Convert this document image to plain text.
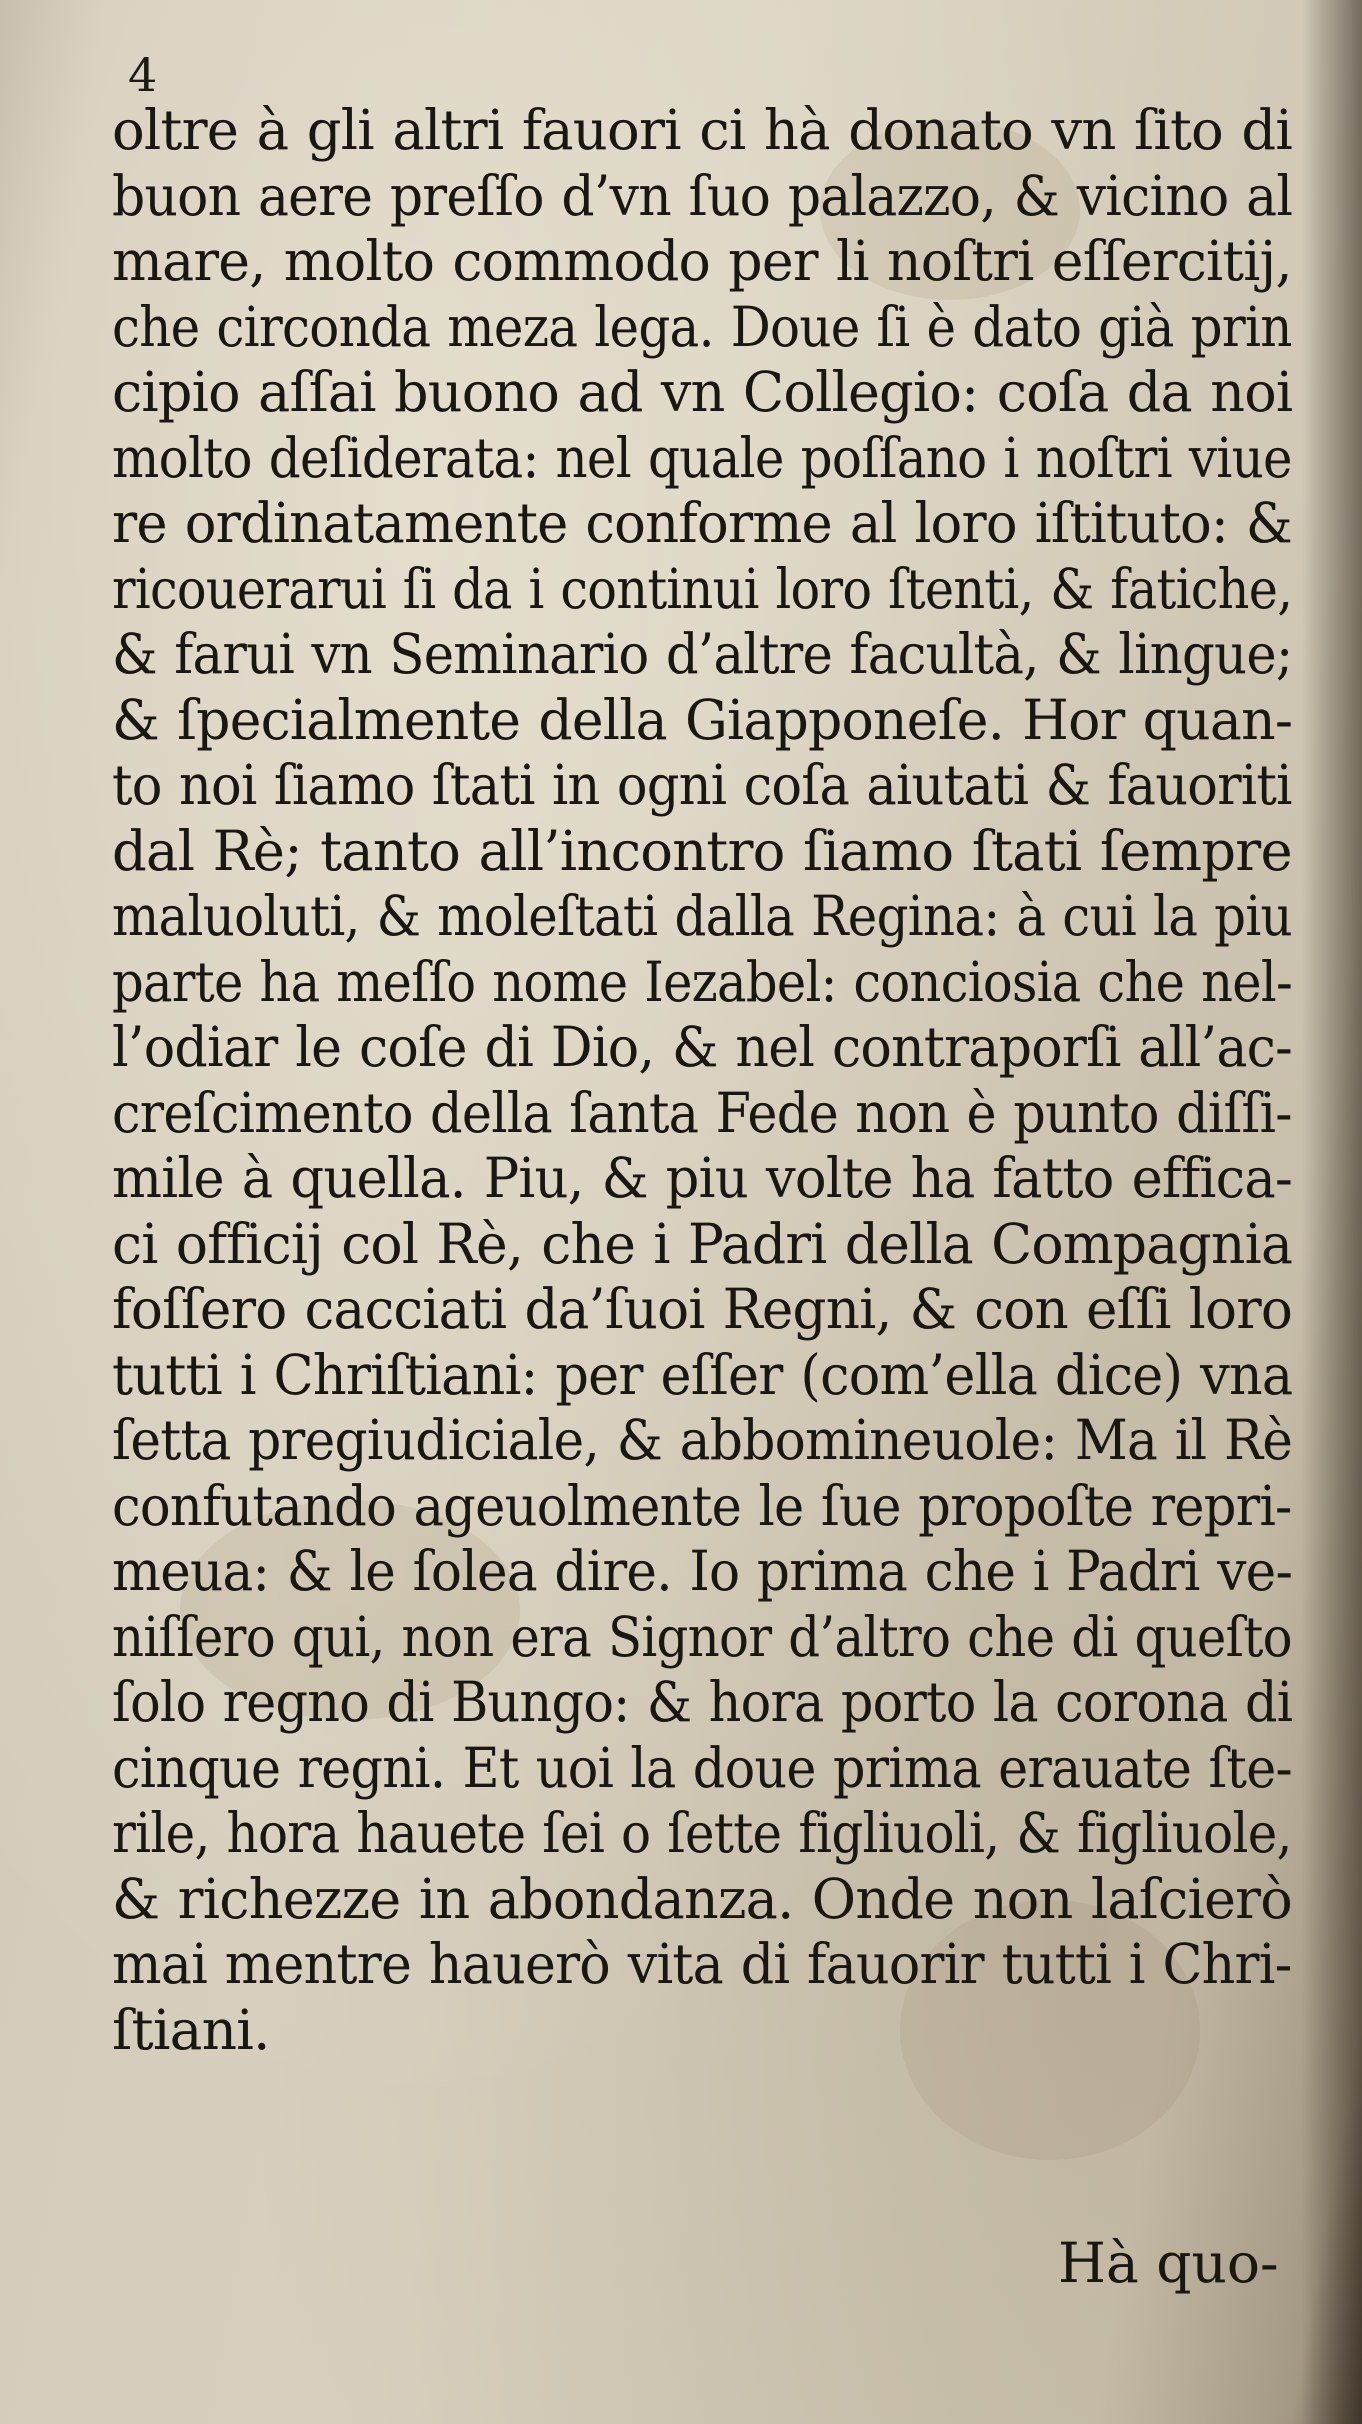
4
oltre à gli altri fauori ci hà donato vn ſito di
buon aere preſſo d’vn ſuo palazzo, & vicino al
mare, molto commodo per li noſtri eſſercitij,
che circonda meza lega. Doue ſi è dato già prin
cipio aſſai buono ad vn Collegio: coſa da noi
molto deſiderata: nel quale poſſano i noſtri viue
re ordinatamente conforme al loro iſtituto: &
ricouerarui ſi da i continui loro ſtenti, & fatiche,
& farui vn Seminario d’altre facultà, & lingue;
& ſpecialmente della Giapponeſe. Hor quan-
to noi ſiamo ſtati in ogni coſa aiutati & fauoriti
dal Rè; tanto all’incontro ſiamo ſtati ſempre
maluoluti, & moleſtati dalla Regina: à cui la piu
parte ha meſſo nome Iezabel: conciosia che nel-
l’odiar le coſe di Dio, & nel contraporſi all’ac-
creſcimento della ſanta Fede non è punto diſſi-
mile à quella. Piu, & piu volte ha fatto effica-
ci officij col Rè, che i Padri della Compagnia
foſſero cacciati da’ſuoi Regni, & con eſſi loro
tutti i Chriſtiani: per eſſer (com’ella dice) vna
ſetta pregiudiciale, & abbomineuole: Ma il Rè
confutando ageuolmente le ſue propoſte repri-
meua: & le ſolea dire. Io prima che i Padri ve-
niſſero qui, non era Signor d’altro che di queſto
ſolo regno di Bungo: & hora porto la corona di
cinque regni. Et uoi la doue prima erauate ſte-
rile, hora hauete ſei o ſette figliuoli, & figliuole,
& richezze in abondanza. Onde non laſcierò
mai mentre hauerò vita di fauorir tutti i Chri-
ſtiani.
Hà quo-
